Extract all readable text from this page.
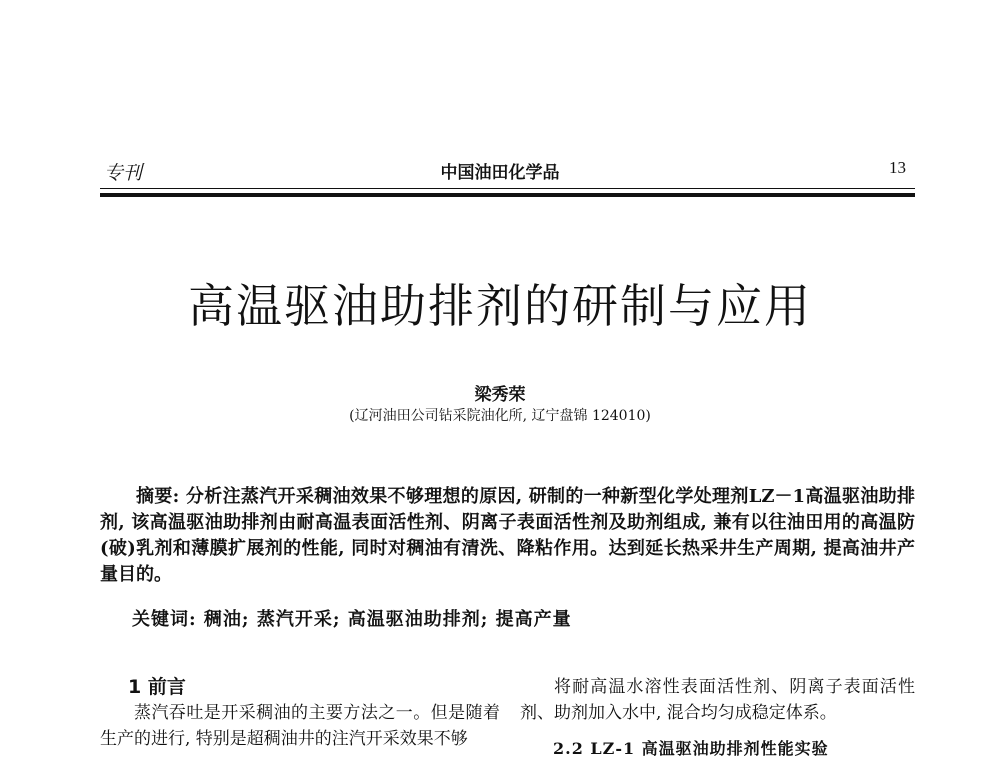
专刊	中国油田化学品	13
高温驱油助排剂的研制与应用
梁秀荣
(辽河油田公司钻采院油化所, 辽宁盘锦 124010)
摘要: 分析注蒸汽开采稠油效果不够理想的原因, 研制的一种新型化学处理剂LZ－1高温驱油助排剂, 该高温驱油助排剂由耐高温表面活性剂、阴离子表面活性剂及助剂组成, 兼有以往油田用的高温防(破)乳剂和薄膜扩展剂的性能, 同时对稠油有清洗、降粘作用。达到延长热采井生产周期, 提高油井产量目的。
关键词: 稠油; 蒸汽开采; 高温驱油助排剂; 提高产量
1 前言
蒸汽吞吐是开采稠油的主要方法之一。但是随着生产的进行, 特别是超稠油井的注汽开采效果不够
将耐高温水溶性表面活性剂、阴离子表面活性剂、助剂加入水中, 混合均匀成稳定体系。
2.2 LZ-1 高温驱油助排剂性能实验
